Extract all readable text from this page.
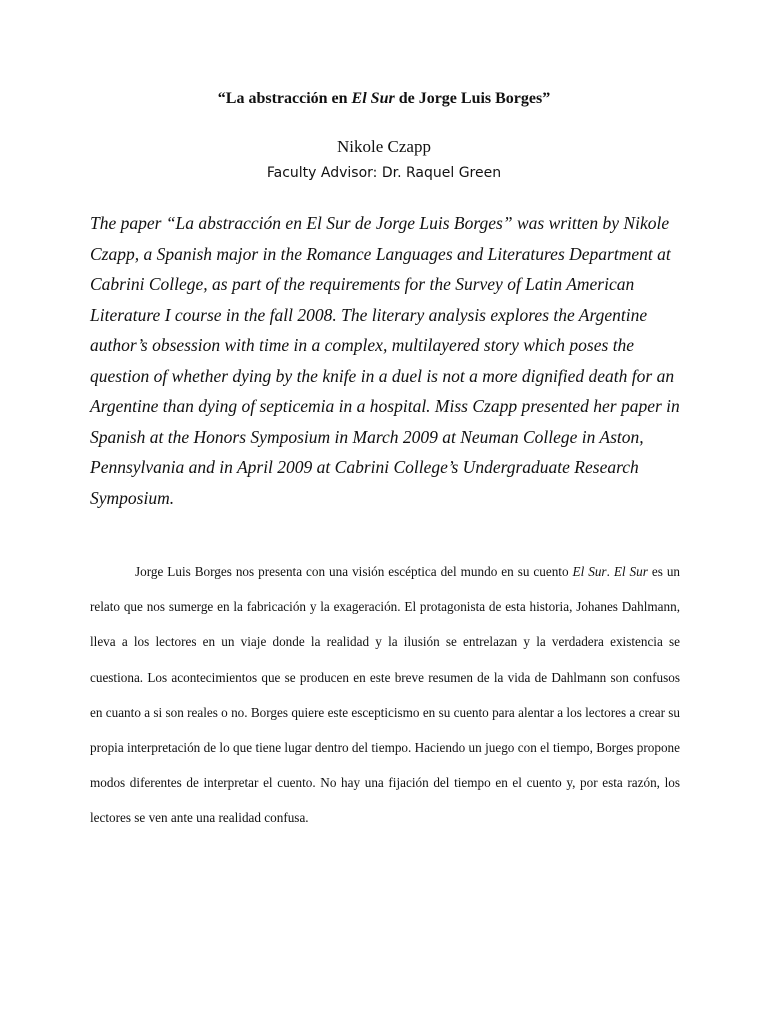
“La abstracción en El Sur de Jorge Luis Borges”
Nikole Czapp
Faculty Advisor: Dr. Raquel Green
The paper “La abstracción en El Sur de Jorge Luis Borges” was written by Nikole Czapp, a Spanish major in the Romance Languages and Literatures Department at Cabrini College, as part of the requirements for the Survey of Latin American Literature I course in the fall 2008. The literary analysis explores the Argentine author’s obsession with time in a complex, multilayered story which poses the question of whether dying by the knife in a duel is not a more dignified death for an Argentine than dying of septicemia in a hospital. Miss Czapp presented her paper in Spanish at the Honors Symposium in March 2009 at Neuman College in Aston, Pennsylvania and in April 2009 at Cabrini College’s Undergraduate Research Symposium.
Jorge Luis Borges nos presenta con una visión escéptica del mundo en su cuento El Sur. El Sur es un relato que nos sumerge en la fabricación y la exageración. El protagonista de esta historia, Johanes Dahlmann, lleva a los lectores en un viaje donde la realidad y la ilusión se entrelazan y la verdadera existencia se cuestiona. Los acontecimientos que se producen en este breve resumen de la vida de Dahlmann son confusos en cuanto a si son reales o no. Borges quiere este escepticismo en su cuento para alentar a los lectores a crear su propia interpretación de lo que tiene lugar dentro del tiempo. Haciendo un juego con el tiempo, Borges propone modos diferentes de interpretar el cuento. No hay una fijación del tiempo en el cuento y, por esta razón, los lectores se ven ante una realidad confusa.
